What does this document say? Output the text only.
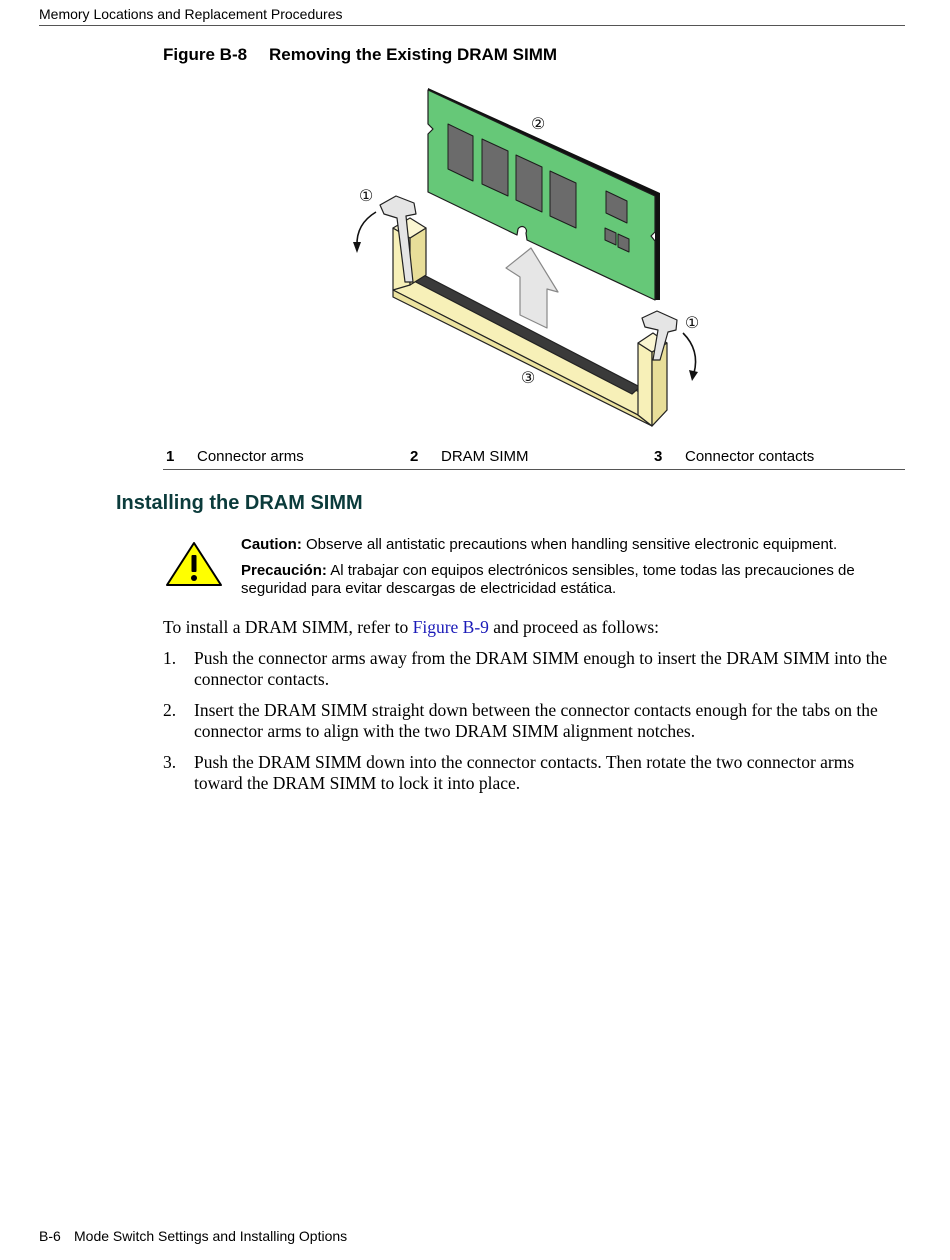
Memory Locations and Replacement Procedures
Figure B-8 Removing the Existing DRAM SIMM
①
②
①
③
1 Connector arms	2 DRAM SIMM	3 Connector contacts
Installing the DRAM SIMM

Caution: Observe all antistatic precautions when handling sensitive electronic equipment.

Precaución: Al trabajar con equipos electrónicos sensibles, tome todas las precauciones de seguridad para evitar descargas de electricidad estática.

To install a DRAM SIMM, refer to Figure B-9 and proceed as follows:

1. Push the connector arms away from the DRAM SIMM enough to insert the DRAM SIMM into the connector contacts.
2. Insert the DRAM SIMM straight down between the connector contacts enough for the tabs on the connector arms to align with the two DRAM SIMM alignment notches.
3. Push the DRAM SIMM down into the connector contacts. Then rotate the two connector arms toward the DRAM SIMM to lock it into place.
B-6 Mode Switch Settings and Installing Options
